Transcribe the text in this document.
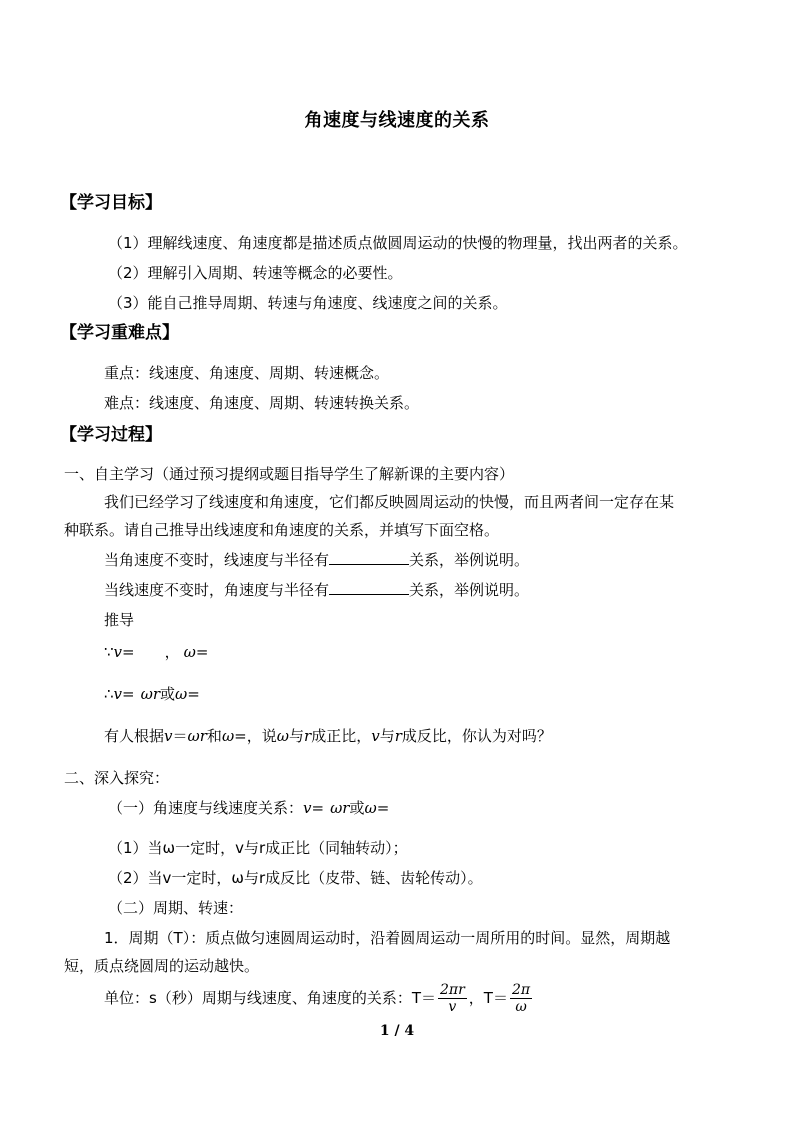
角速度与线速度的关系
【学习目标】
（1）理解线速度、角速度都是描述质点做圆周运动的快慢的物理量，找出两者的关系。
（2）理解引入周期、转速等概念的必要性。
（3）能自己推导周期、转速与角速度、线速度之间的关系。
【学习重难点】
重点：线速度、角速度、周期、转速概念。
难点：线速度、角速度、周期、转速转换关系。
【学习过程】
一、自主学习（通过预习提纲或题目指导学生了解新课的主要内容）
我们已经学习了线速度和角速度，它们都反映圆周运动的快慢，而且两者间一定存在某
种联系。请自己推导出线速度和角速度的关系，并填写下面空格。
当角速度不变时，线速度与半径有	关系，举例说明。
当线速度不变时，角速度与半径有	关系，举例说明。
推导
∵v= ， ω=
∴v= ωr或ω=
有人根据v＝ωr和ω=，说ω与r成正比，v与r成反比，你认为对吗？
二、深入探究：
（一）角速度与线速度关系：v= ωr或ω=
（1）当ω一定时，v与r成正比（同轴转动）；
（2）当v一定时，ω与r成反比（皮带、链、齿轮传动）。
（二）周期、转速：
1．周期（T）：质点做匀速圆周运动时，沿着圆周运动一周所用的时间。显然，周期越
短，质点绕圆周的运动越快。
单位：s（秒）周期与线速度、角速度的关系：$T= \frac{2\pi r}{v}$ ，$T= \frac{2\pi}{\omega}$
1 / 4
